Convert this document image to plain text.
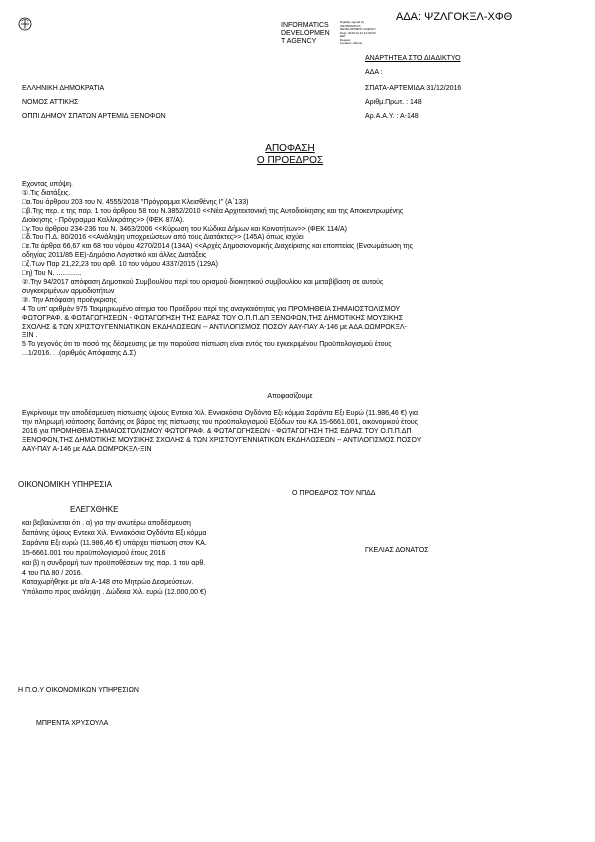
ΑΔΑ: ΨΖΛΓΟΚΞΛ-ΧΦΘ
INFORMATICS
DEVELOPMEN
T AGENCY
Digitally signed by
INFORMATICS
DEVELOPMENT AGENCY
Date: 2016.12.31 12:00:00
EET
Reason:
Location: Athens
ΑΝΑΡΤΗΤΕΑ ΣΤΟ ΔΙΑΔΙΚΤΥΟ
ΑΔΑ :
ΕΛΛΗΝΙΚΗ ΔΗΜΟΚΡΑΤΙΑ
ΝΟΜΟΣ ΑΤΤΙΚΗΣ
ΟΠΠΙ ΔΗΜΟΥ ΣΠΑΤΩΝ ΑΡΤΕΜΙΔ ΞΕΝΟΦΩΝ
ΣΠΑΤΑ-ΑΡΤΕΜΙΔΑ 31/12/2016
Αριθμ.Πρωτ. : 148
Αρ.Α.Α.Υ. : Α-148
ΑΠΟΦΑΣΗ
Ο ΠΡΟΕΔΡΟΣ
Εχοντας υπόψη.
①.Τις διατάξεις.
□α.Του άρθρου 203 του Ν. 4555/2018 "Πρόγραμμα Κλεισθένης Ι" (Α΄133)
□β.Της περ. ε της παρ. 1 του άρθρου 58 του Ν.3852/2010 <<Νέα Αρχιτεκτονική της Αυτοδιοίκησης και της Αποκεντρωμένης
Διοίκησης - Πρόγραμμα Καλλικράτης>> (ΦΕΚ 87/Α).
□γ.Του άρθρου 234-236 του Ν. 3463/2006 <<Κύρωση του Κώδικα Δήμων και Κοινοτήτων>> (ΦΕΚ 114/Α)
□δ.Του Π.Δ. 80/2016 <<Ανάληψη υποχρεώσεων από τους Διατάκτες>> (145Α) όπως ισχύει
□ε.Τα άρθρα 66,67 και 68 του νόμου 4270/2014 (134Α) <<Αρχές Δημοσιονομικής Διαχείρισης και εποπτείας (Ενσωμάτωση της
οδηγίας 2011/85 ΕΕ)-Δημόσιο Λογιστικό και άλλες Διατάξεις
□ζ.Των Παρ 21,22,23 του αρθ. 10 του νόμου 4337/2015 (129Α)
□η) Του Ν. .............
②.Την 94/2017 απόφαση Δημοτικού Συμβουλίου περί του ορισμού διοικητικού συμβουλίου και μεταβίβαση σε αυτούς
συγκεκριμένων αρμοδιοτήτων
③. Την Απόφαση προέγκρισης
4 Το υπ' αριθμόν 975 Τεκμηριωμένο αίτημα του Προέδρου περί της αναγκαιότητας για ΠΡΟΜΗΘΕΙΑ ΣΗΜΑΙΟΣΤΟΛΙΣΜΟΥ
ΦΩΤΟΓΡΑΦ. & ΦΩΤΑΓΩΓΗΣΕΩΝ - ΦΩΤΑΓΩΓΗΣΗ ΤΗΣ ΕΔΡΑΣ ΤΟΥ Ο.Π.Π.ΔΠ ΞΕΝΟΦΩΝ,ΤΗΣ ΔΗΜΟΤΙΚΗΣ ΜΟΥΣΙΚΗΣ
ΣΧΟΛΗΣ & ΤΩΝ ΧΡΙΣΤΟΥΓΕΝΝΙΑΤΙΚΩΝ ΕΚΔΗΛΩΣΕΩΝ -- ΑΝΤΙΛΟΓΙΣΜΟΣ ΠΟΣΟΥ ΑΑΥ-ΠΑΥ Α-146 με ΑΔΑ ΩΩΜΡΟΚΞΛ-
ΞΙΝ .
5 Το γεγονός ότι το ποσό της δέσμευσης με την παρούσα πίστωση είναι εντός του εγκεκριμένου Προϋπολογισμού έτους
...1/2016. . .(αριθμός Απόφασης Δ.Σ)
Αποφασίζουμε
Εγκρίνουμε την αποδέσμευση πίστωσης ύψους Εντεκα Χιλ. Εννιακόσια Ογδόντα Εξι κόμμα Σαράντα Εξι Ευρώ (11.986,46 €) για
την πληρωμή ισόποσης δαπάνης σε βάρος της πίστωσης του προϋπολογισμού Εξόδων του ΚΑ 15-6661.001, οικονομικού έτους
2016 για ΠΡΟΜΗΘΕΙΑ ΣΗΜΑΙΟΣΤΟΛΙΣΜΟΥ ΦΩΤΟΓΡΑΦ. & ΦΩΤΑΓΩΓΗΣΕΩΝ - ΦΩΤΑΓΩΓΗΣΗ ΤΗΣ ΕΔΡΑΣ ΤΟΥ Ο.Π.Π.ΔΠ
ΞΕΝΟΦΩΝ,ΤΗΣ ΔΗΜΟΤΙΚΗΣ ΜΟΥΣΙΚΗΣ ΣΧΟΛΗΣ & ΤΩΝ ΧΡΙΣΤΟΥΓΕΝΝΙΑΤΙΚΩΝ ΕΚΔΗΛΩΣΕΩΝ -- ΑΝΤΙΛΟΓΙΣΜΟΣ ΠΟΣΟΥ
ΑΑΥ-ΠΑΥ Α-146 με ΑΔΑ ΩΩΜΡΟΚΞΛ-ΞΙΝ
ΟΙΚΟΝΟΜΙΚΗ ΥΠΗΡΕΣΙΑ
Ο ΠΡΟΕΔΡΟΣ ΤΟΥ ΝΠΔΔ
ΕΛΕΓΧΘΗΚΕ
και βεβαιώνεται ότι . α) για την ανωτέρω αποδέσμευση
δαπάνης ύψους Εντεκα Χιλ. Εννιακόσια Ογδόντα Εξι κόμμα
Σαράντα Εξι ευρώ (11.986,46 €) υπάρχει πίστωση στον ΚΑ.
15-6661.001 του προϋπολογισμού έτους 2016
και β) η συνδρομή των προϋποθέσεων της παρ. 1 του αρθ.
4 του ΠΔ 80 / 2016.
Καταχωρήθηκε με α/α Α-148 στο Μητρώο Δεσμεύσεων.
Υπόλοιπο προς ανάληψη . Δώδεκα Χιλ. ευρώ (12.000,00 €)
ΓΚΕΛΙΑΣ ΔΟΝΑΤΟΣ
Η Π.Ο.Υ ΟΙΚΟΝΟΜΙΚΩΝ ΥΠΗΡΕΣΙΩΝ
ΜΠΡΕΝΤΑ ΧΡΥΣΟΥΛΑ
